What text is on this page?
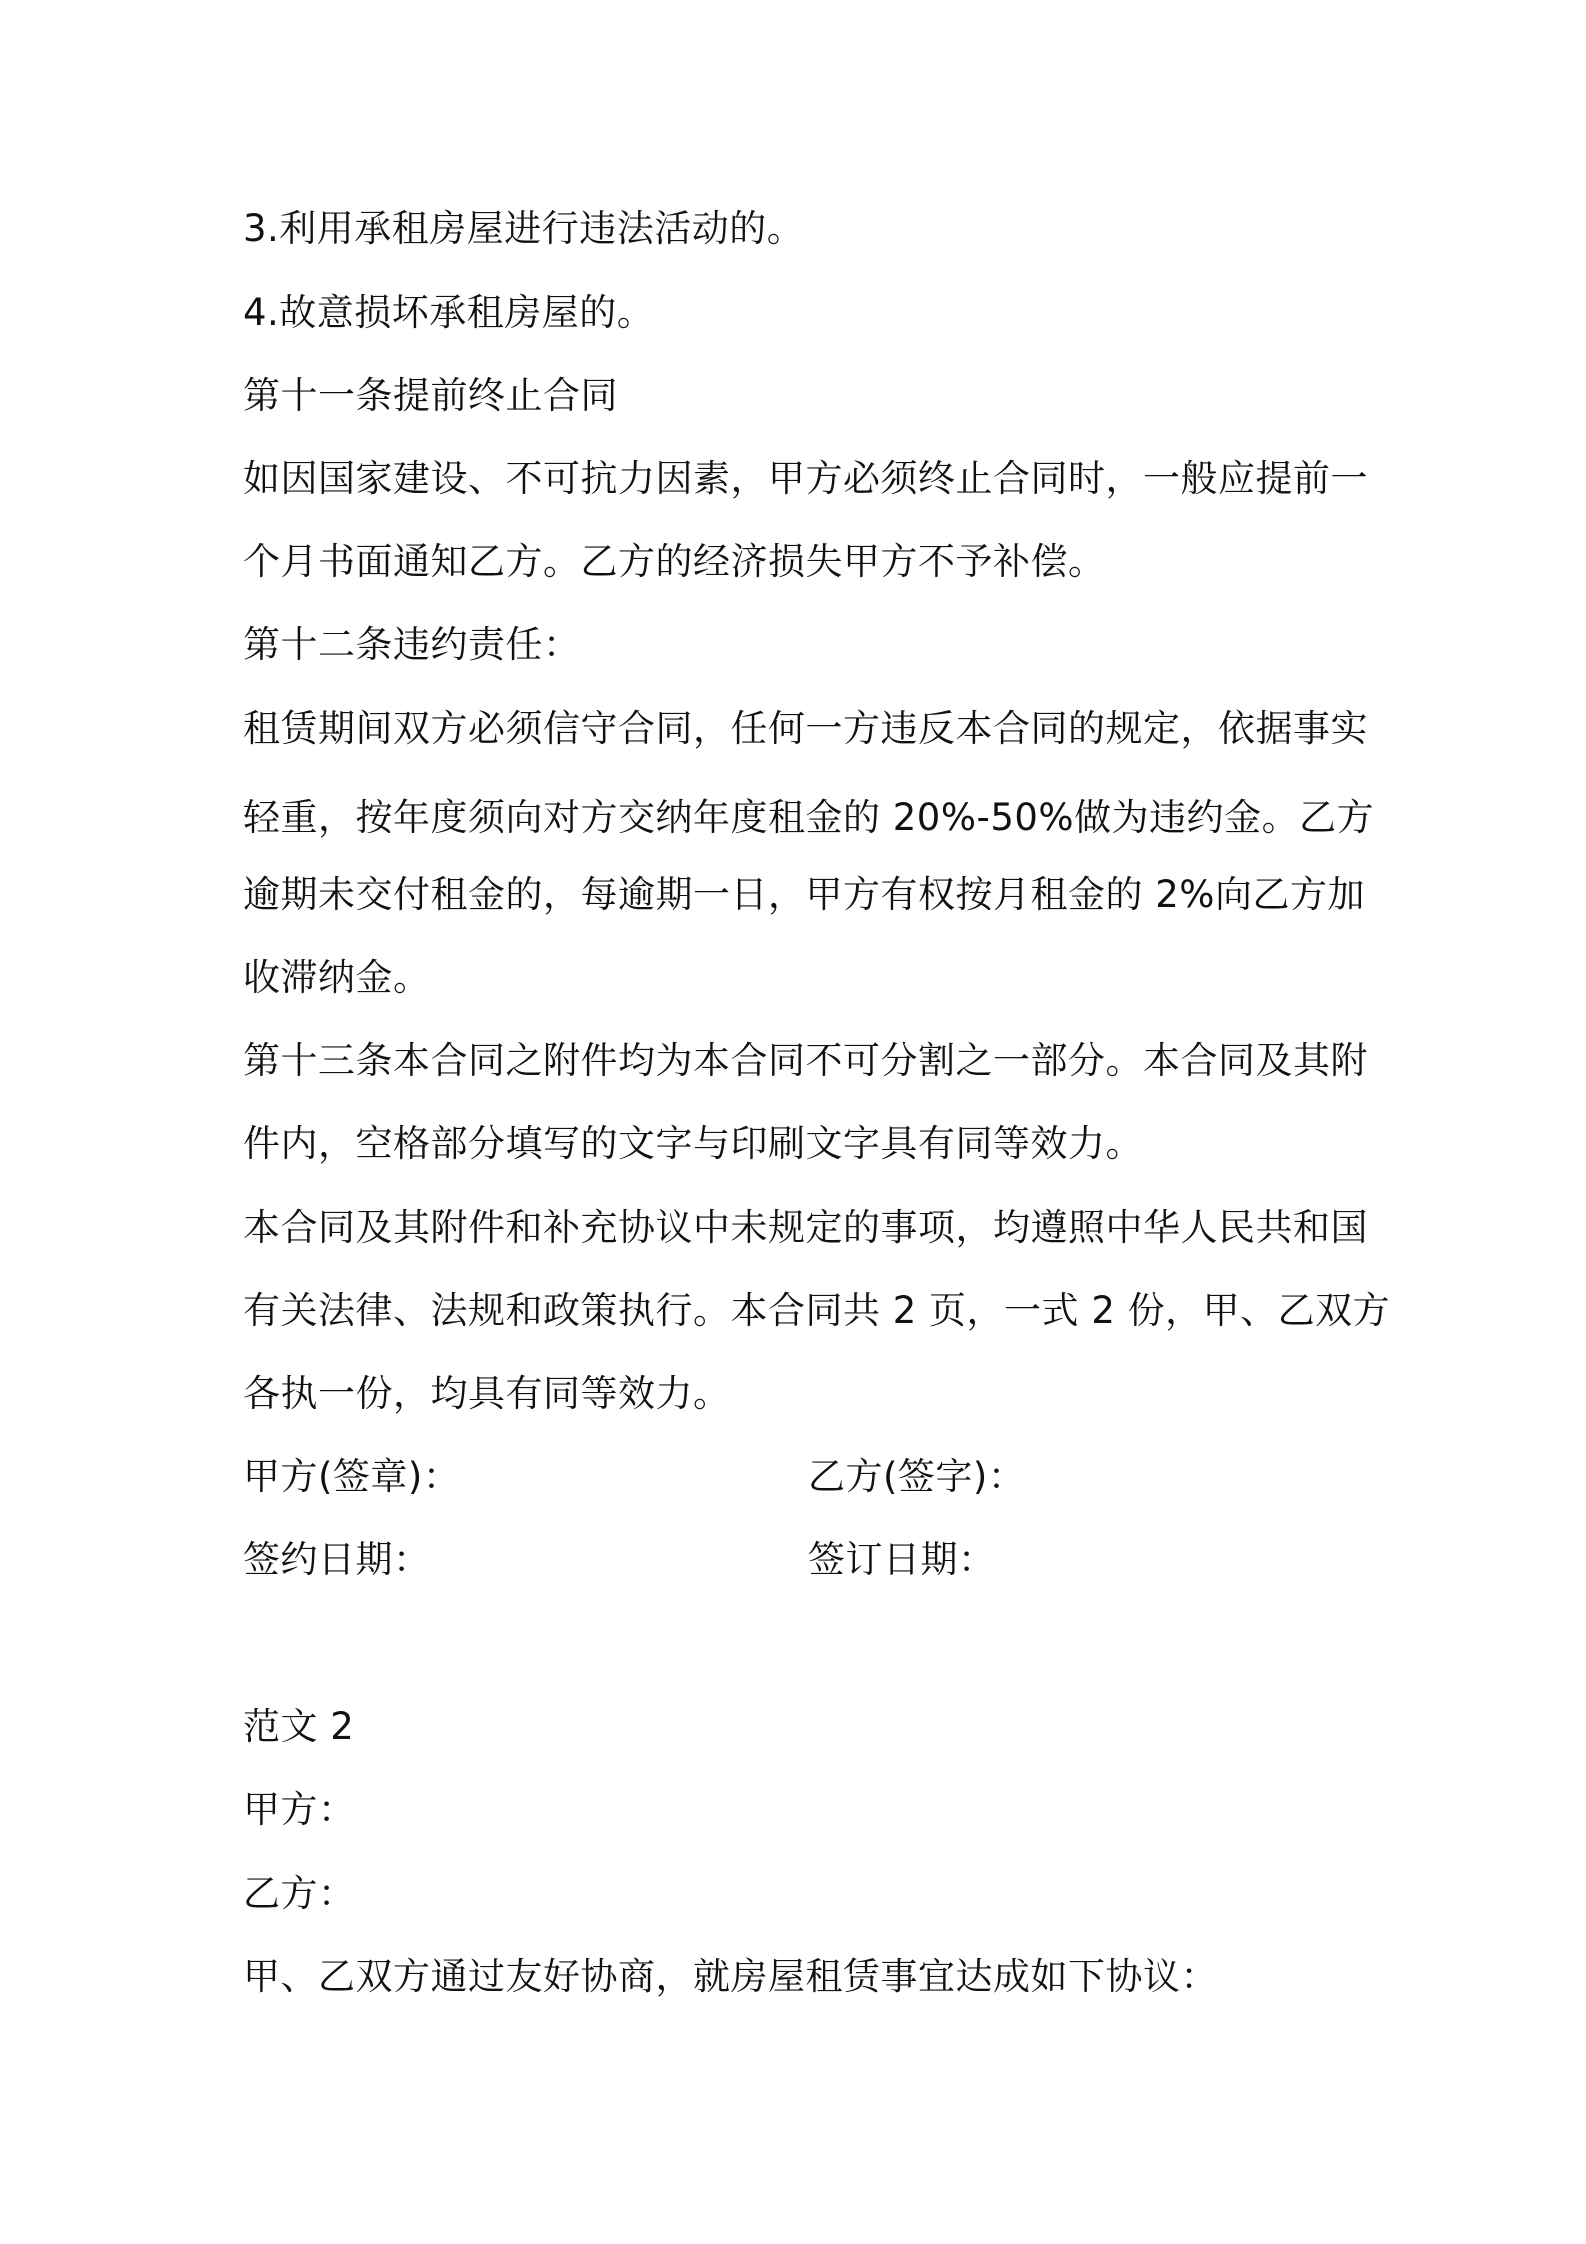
3.利用承租房屋进行违法活动的。
4.故意损坏承租房屋的。
第十一条提前终止合同
如因国家建设、不可抗力因素，甲方必须终止合同时，一般应提前一
个月书面通知乙方。乙方的经济损失甲方不予补偿。
第十二条违约责任：
租赁期间双方必须信守合同，任何一方违反本合同的规定，依据事实
轻重，按年度须向对方交纳年度租金的 20%-50%做为违约金。乙方
逾期未交付租金的，每逾期一日，甲方有权按月租金的 2%向乙方加
收滞纳金。
第十三条本合同之附件均为本合同不可分割之一部分。本合同及其附
件内，空格部分填写的文字与印刷文字具有同等效力。
本合同及其附件和补充协议中未规定的事项，均遵照中华人民共和国
有关法律、法规和政策执行。本合同共 2 页，一式 2 份，甲、乙双方
各执一份，均具有同等效力。
甲方(签章)：	乙方(签字)：
签约日期：	签订日期：
范文 2
甲方：
乙方：
甲、乙双方通过友好协商，就房屋租赁事宜达成如下协议：
